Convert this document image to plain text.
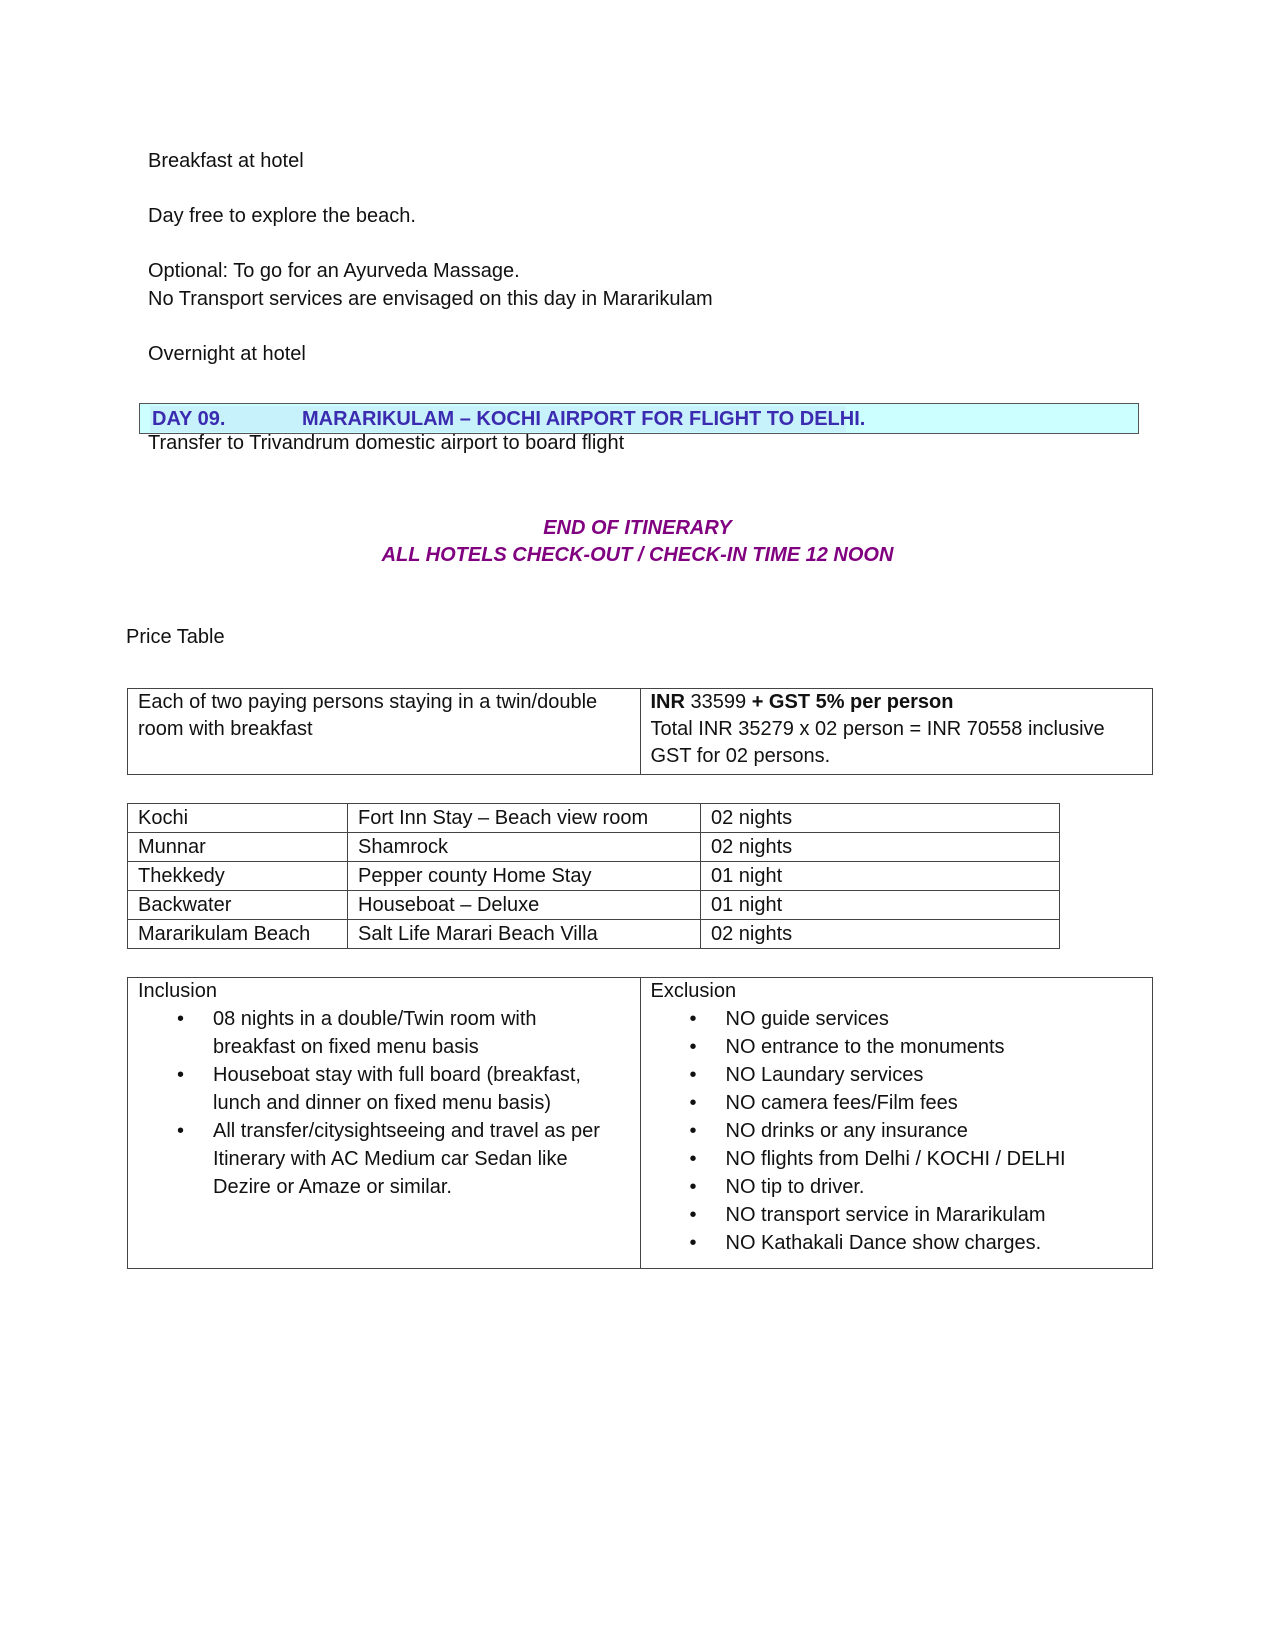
Breakfast at hotel
Day free to explore the beach.
Optional: To go for an Ayurveda Massage.
No Transport services are envisaged on this day in Mararikulam
Overnight at hotel
DAY 09.	MARARIKULAM – KOCHI AIRPORT FOR FLIGHT TO DELHI.
Transfer to Trivandrum domestic airport to board flight
END OF ITINERARY
ALL HOTELS CHECK-OUT / CHECK-IN TIME 12 NOON
Price Table
Each of two paying persons staying in a twin/double
room with breakfast

INR 33599 + GST 5% per person
Total INR 35279 x 02 person = INR 70558 inclusive
GST for 02 persons.
Kochi	Fort Inn Stay – Beach view room	02 nights
Munnar	Shamrock	02 nights
Thekkedy	Pepper county Home Stay	01 night
Backwater	Houseboat – Deluxe	01 night
Mararikulam Beach	Salt Life Marari Beach Villa	02 nights
Inclusion
• 08 nights in a double/Twin room with
breakfast on fixed menu basis
• Houseboat stay with full board (breakfast,
lunch and dinner on fixed menu basis)
• All transfer/citysightseeing and travel as per
Itinerary with AC Medium car Sedan like
Dezire or Amaze or similar.

Exclusion
• NO guide services
• NO entrance to the monuments
• NO Laundary services
• NO camera fees/Film fees
• NO drinks or any insurance
• NO flights from Delhi / KOCHI / DELHI
• NO tip to driver.
• NO transport service in Mararikulam
• NO Kathakali Dance show charges.
